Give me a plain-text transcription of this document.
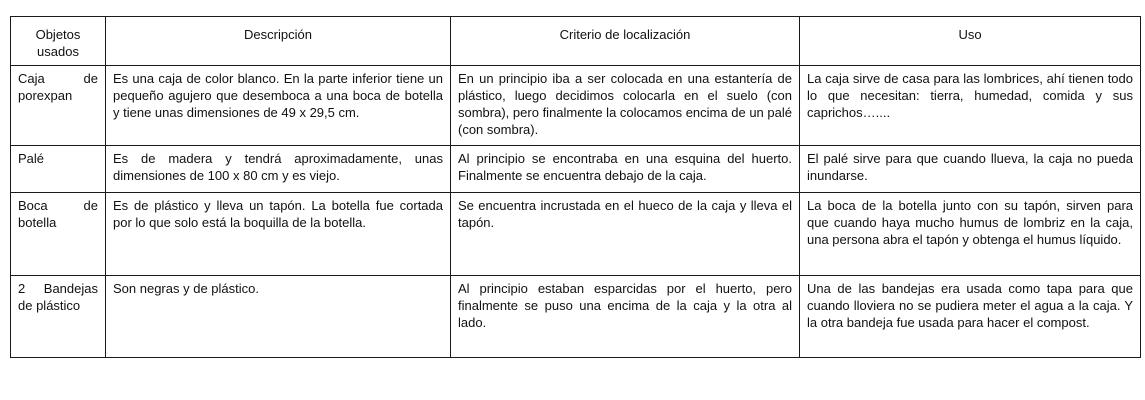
Objetos usados	Descripción	Criterio de localización	Uso
Caja de porexpan	Es una caja de color blanco. En la parte inferior tiene un pequeño agujero que desemboca a una boca de botella y tiene unas dimensiones de 49 x 29,5 cm.	En un principio iba a ser colocada en una estantería de plástico, luego decidimos colocarla en el suelo (con sombra), pero finalmente la colocamos encima de un palé (con sombra).	La caja sirve de casa para las lombrices, ahí tienen todo lo que necesitan: tierra, humedad, comida y sus caprichos…....
Palé	Es de madera y tendrá aproximadamente, unas dimensiones de 100 x 80 cm y es viejo.	Al principio se encontraba en una esquina del huerto. Finalmente se encuentra debajo de la caja.	El palé sirve para que cuando llueva, la caja no pueda inundarse.
Boca de botella	Es de plástico y lleva un tapón. La botella fue cortada por lo que solo está la boquilla de la botella.	Se encuentra incrustada en el hueco de la caja y lleva el tapón.	La boca de la botella junto con su tapón, sirven para que cuando haya mucho humus de lombriz en la caja, una persona abra el tapón y obtenga el humus líquido.
2 Bandejas de plástico	Son negras y de plástico.	Al principio estaban esparcidas por el huerto, pero finalmente se puso una encima de la caja y la otra al lado.	Una de las bandejas era usada como tapa para que cuando lloviera no se pudiera meter el agua a la caja. Y la otra bandeja fue usada para hacer el compost.
